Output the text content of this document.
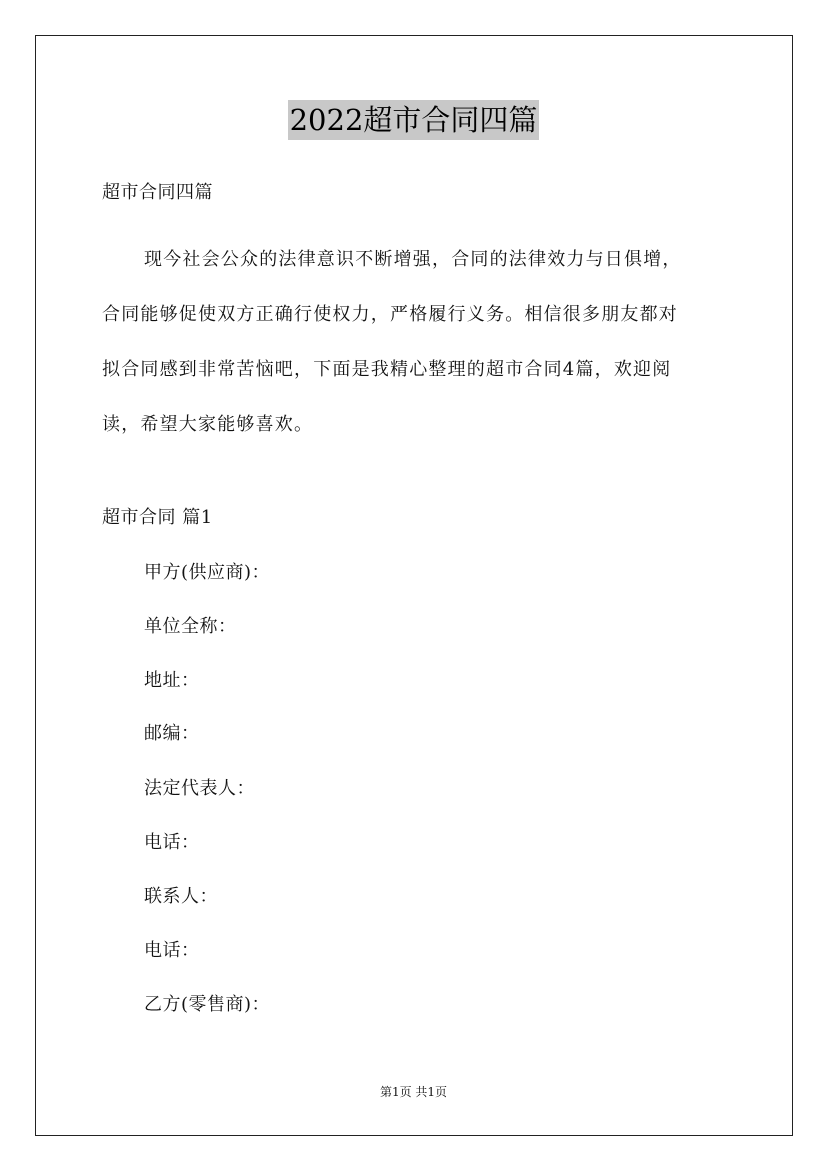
2022超市合同四篇
超市合同四篇
现今社会公众的法律意识不断增强，合同的法律效力与日俱增，
合同能够促使双方正确行使权力，严格履行义务。相信很多朋友都对
拟合同感到非常苦恼吧，下面是我精心整理的超市合同4篇，欢迎阅
读，希望大家能够喜欢。
超市合同 篇1
甲方(供应商)：
单位全称：
地址：
邮编：
法定代表人：
电话：
联系人：
电话：
乙方(零售商)：
第1页 共1页
